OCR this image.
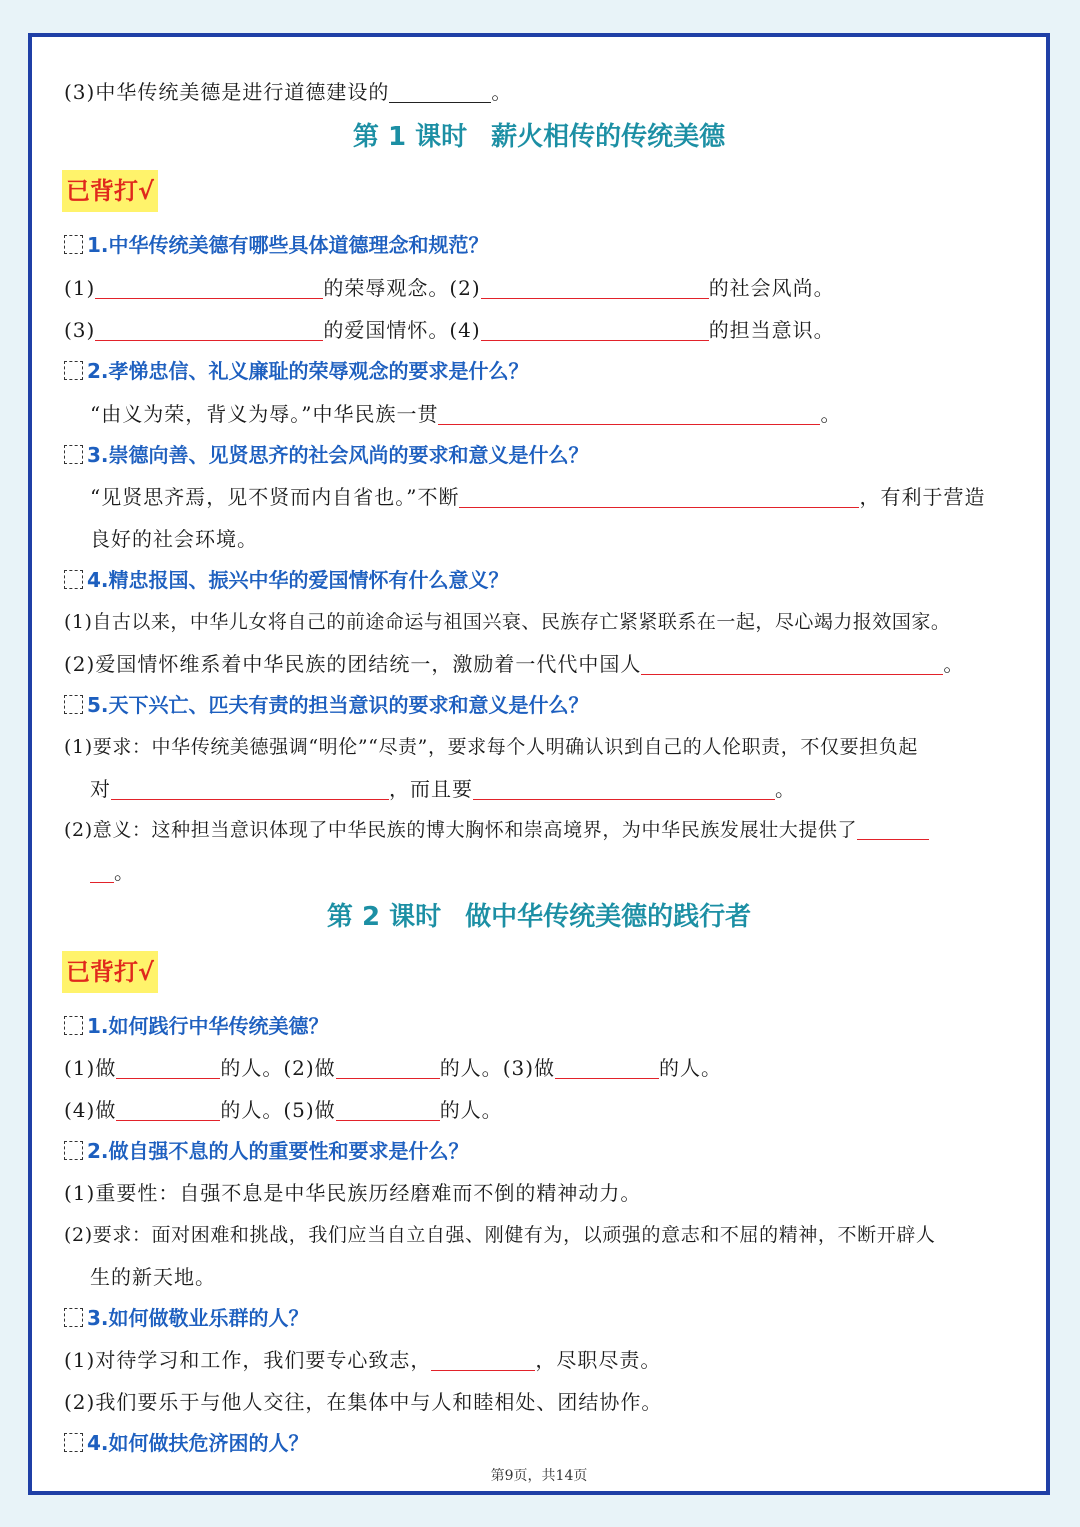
(3)中华传统美德是进行道德建设的	。
第 1 课时 薪火相传的传统美德
已背打√
1.中华传统美德有哪些具体道德理念和规范？
(1)	的荣辱观念。(2)	的社会风尚。
(3)	的爱国情怀。(4)	的担当意识。
2.孝悌忠信、礼义廉耻的荣辱观念的要求是什么？
“由义为荣，背义为辱。”中华民族一贯	。
3.崇德向善、见贤思齐的社会风尚的要求和意义是什么？
“见贤思齐焉，见不贤而内自省也。”不断	，有利于营造
良好的社会环境。
4.精忠报国、振兴中华的爱国情怀有什么意义？
(1)自古以来，中华儿女将自己的前途命运与祖国兴衰、民族存亡紧紧联系在一起，尽心竭力报效国家。
(2)爱国情怀维系着中华民族的团结统一，激励着一代代中国人	。
5.天下兴亡、匹夫有责的担当意识的要求和意义是什么？
(1)要求：中华传统美德强调“明伦”“尽责”，要求每个人明确认识到自己的人伦职责，不仅要担负起
对	，而且要	。
(2)意义：这种担当意识体现了中华民族的博大胸怀和崇高境界，为中华民族发展壮大提供了
。
第 2 课时 做中华传统美德的践行者
已背打√
1.如何践行中华传统美德？
(1)做	的人。(2)做	的人。(3)做	的人。
(4)做	的人。(5)做	的人。
2.做自强不息的人的重要性和要求是什么？
(1)重要性：自强不息是中华民族历经磨难而不倒的精神动力。
(2)要求：面对困难和挑战，我们应当自立自强、刚健有为，以顽强的意志和不屈的精神，不断开辟人
生的新天地。
3.如何做敬业乐群的人？
(1)对待学习和工作，我们要专心致志，	，尽职尽责。
(2)我们要乐于与他人交往，在集体中与人和睦相处、团结协作。
4.如何做扶危济困的人？
第9页，共14页
